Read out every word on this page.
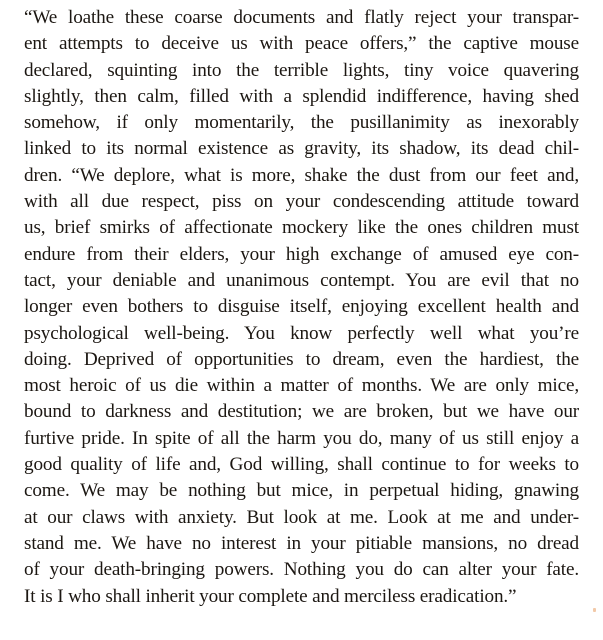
“We loathe these coarse documents and flatly reject your transpar-
ent attempts to deceive us with peace offers,” the captive mouse
declared, squinting into the terrible lights, tiny voice quavering
slightly, then calm, filled with a splendid indifference, having shed
somehow, if only momentarily, the pusillanimity as inexorably
linked to its normal existence as gravity, its shadow, its dead chil-
dren. “We deplore, what is more, shake the dust from our feet and,
with all due respect, piss on your condescending attitude toward
us, brief smirks of affectionate mockery like the ones children must
endure from their elders, your high exchange of amused eye con-
tact, your deniable and unanimous contempt. You are evil that no
longer even bothers to disguise itself, enjoying excellent health and
psychological well-being. You know perfectly well what you’re
doing. Deprived of opportunities to dream, even the hardiest, the
most heroic of us die within a matter of months. We are only mice,
bound to darkness and destitution; we are broken, but we have our
furtive pride. In spite of all the harm you do, many of us still enjoy a
good quality of life and, God willing, shall continue to for weeks to
come. We may be nothing but mice, in perpetual hiding, gnawing
at our claws with anxiety. But look at me. Look at me and under-
stand me. We have no interest in your pitiable mansions, no dread
of your death-bringing powers. Nothing you do can alter your fate.
It is I who shall inherit your complete and merciless eradication.”
